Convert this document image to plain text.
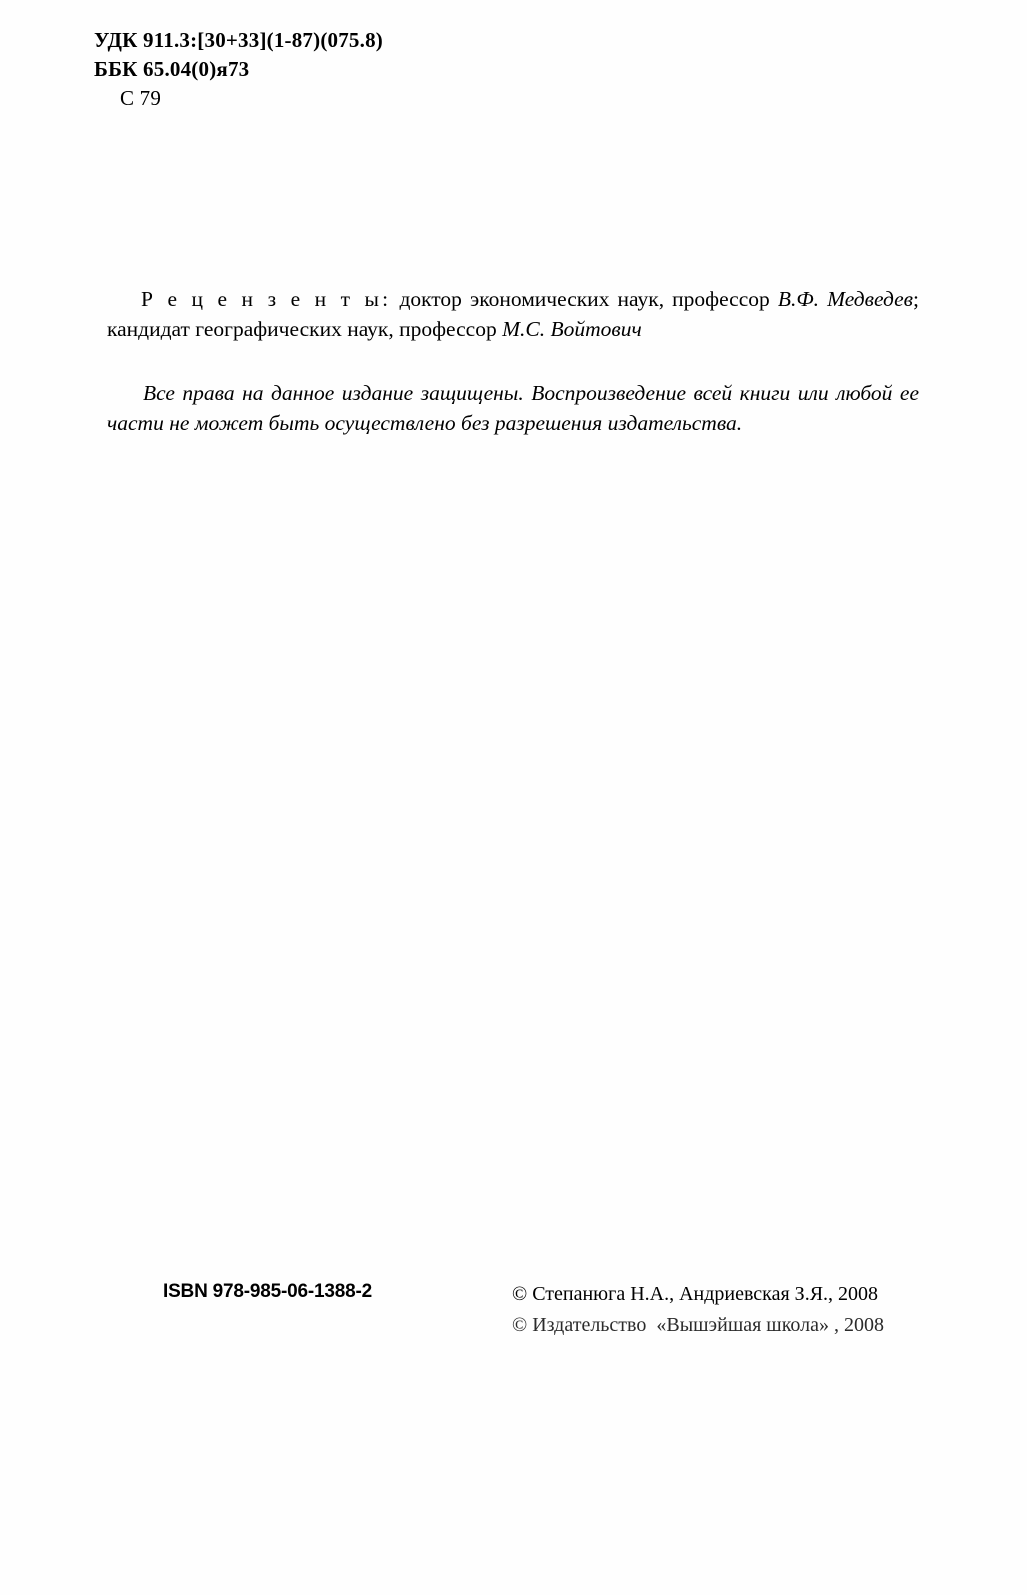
УДК 911.3:[30+33](1-87)(075.8)
ББК 65.04(0)я73
С 79

Р е ц е н з е н т ы: доктор экономических наук, профессор В.Ф. Медведев; кандидат географических наук, профессор М.С. Войтович

Все права на данное издание защищены. Воспроизведение всей книги или любой ее части не может быть осуществлено без разрешения издательства.

ISBN 978-985-06-1388-2	© Степанюга Н.А., Андриевская З.Я., 2008
© Издательство  «Вышэйшая школа» , 2008
